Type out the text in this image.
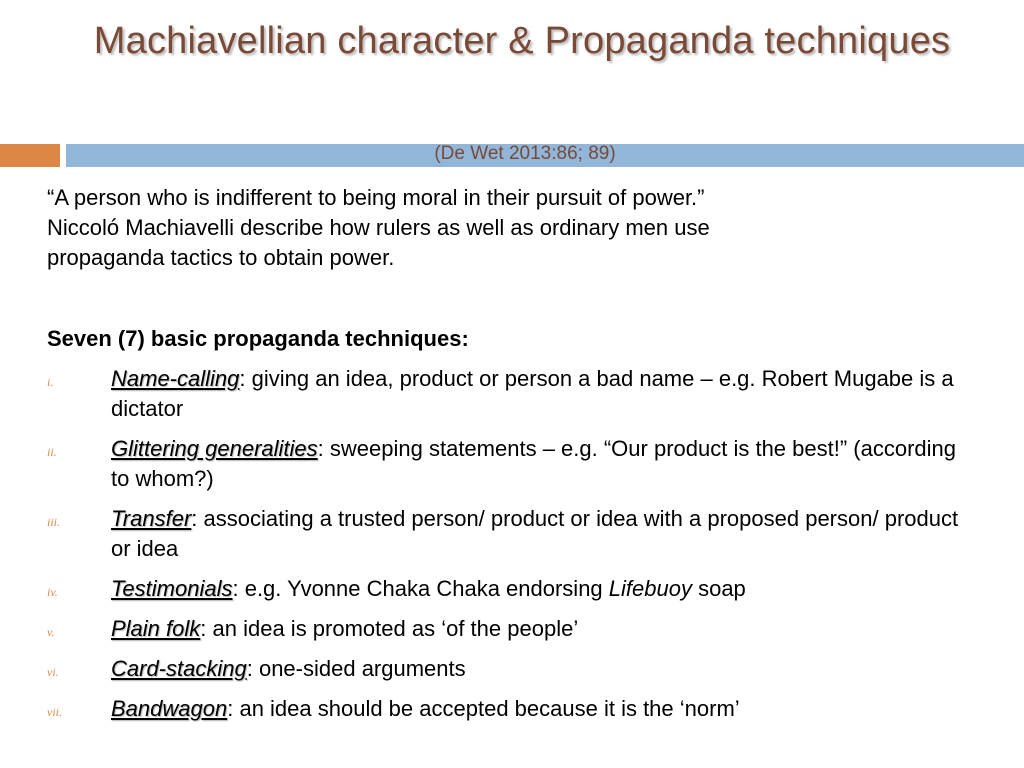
Machiavellian character & Propaganda techniques
(De Wet 2013:86; 89)

“A person who is indifferent to being moral in their pursuit of power.”

Niccoló Machiavelli describe how rulers as well as ordinary men use

propaganda tactics to obtain power.

Seven (7) basic propaganda techniques:
i.	Name-calling: giving an idea, product or person a bad name – e.g. Robert Mugabe is a dictator
ii. Glittering generalities: sweeping statements – e.g. “Our product is the best!” (according to whom?)
iii. Transfer: associating a trusted person/ product or idea with a proposed person/ product or idea
iv. Testimonials: e.g. Yvonne Chaka Chaka endorsing Lifebuoy soap
v.	Plain folk: an idea is promoted as ‘of the people’
vi. Card-stacking: one-sided arguments
vii. Bandwagon: an idea should be accepted because it is the ‘norm’
